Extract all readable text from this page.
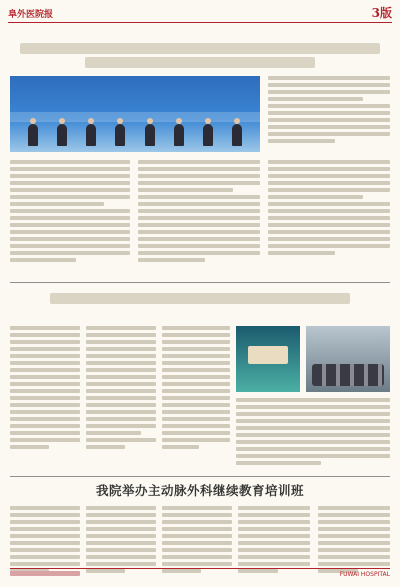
阜外医院报	3版
我院举办主动脉外科继续教育培训班
FUWAI HOSPITAL
